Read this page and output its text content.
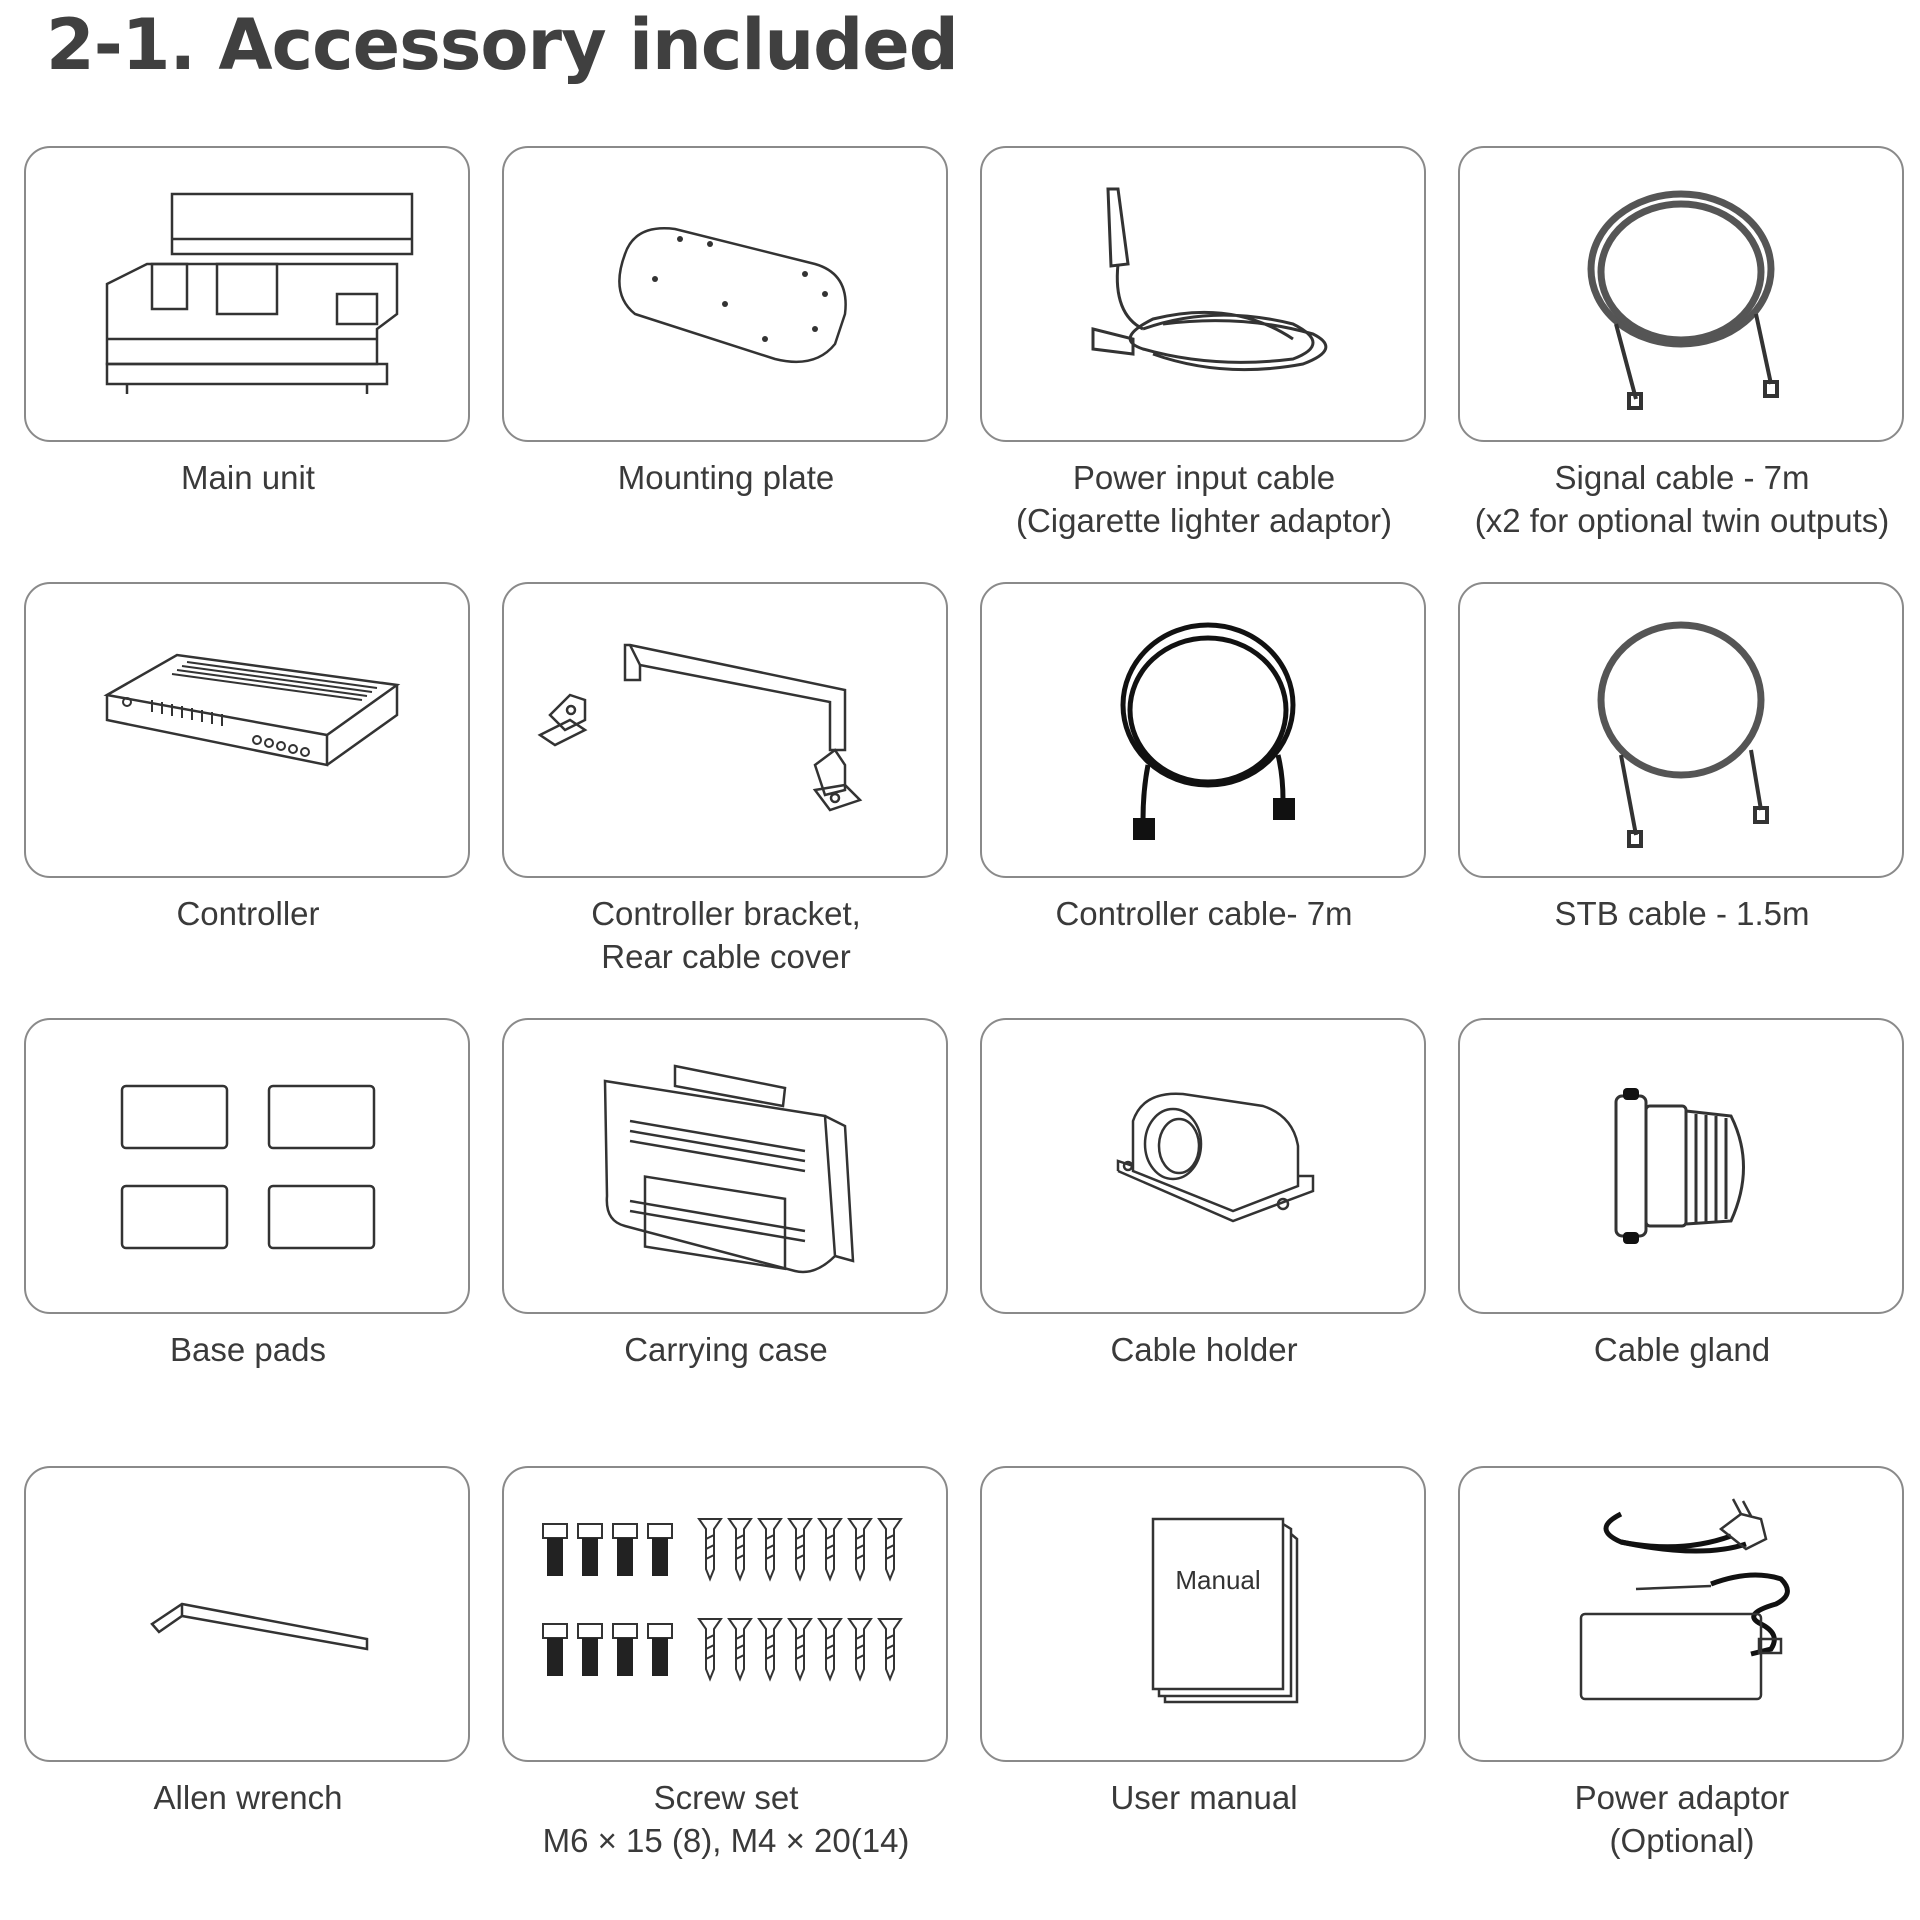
2-1. Accessory included
Main unit	Mounting plate	Power input cable
(Cigarette lighter adaptor)
Signal cable - 7m
(x2 for optional twin outputs)
Controller	Controller bracket,
Rear cable cover
Controller cable- 7m	STB cable - 1.5m
Base pads	Carrying case	Cable holder	Cable gland
Allen wrench	Screw set
M6 × 15 (8), M4 × 20(14)
Manual
User manual	Power adaptor
(Optional)
